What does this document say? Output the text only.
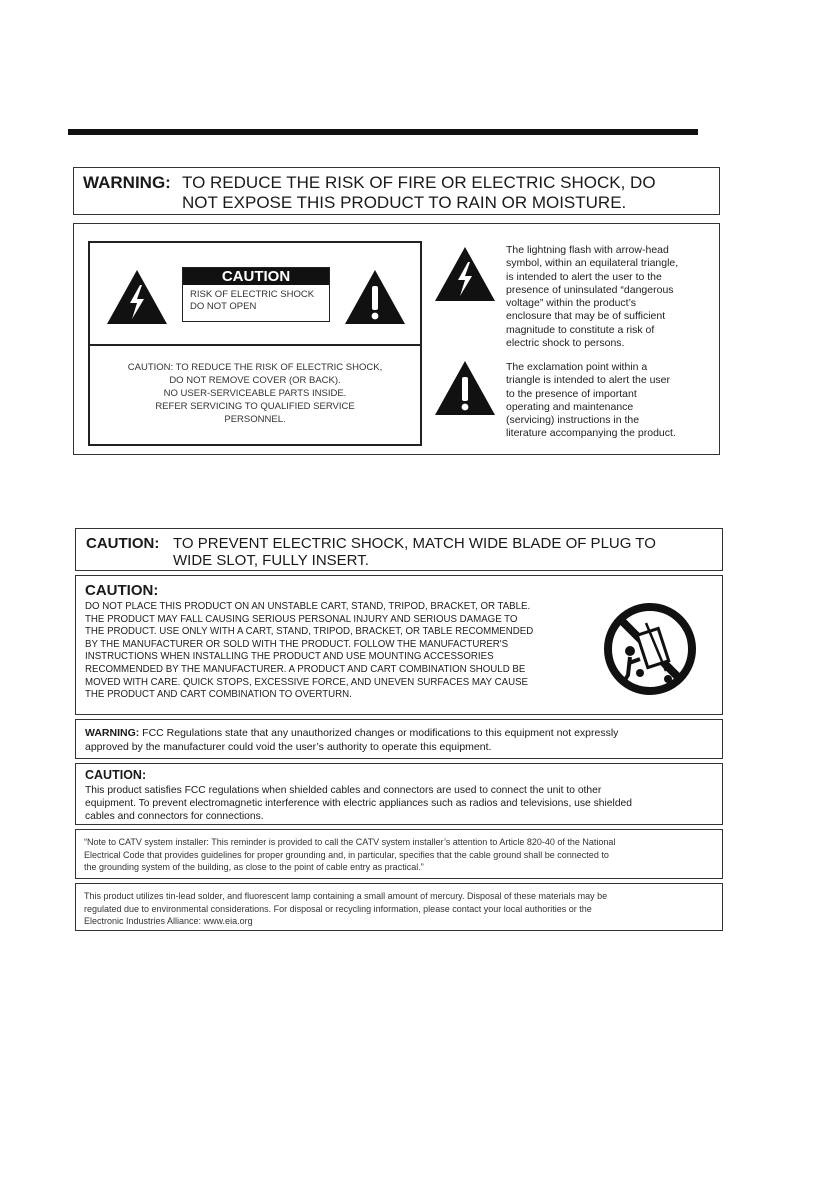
WARNING: TO REDUCE THE RISK OF FIRE OR ELECTRIC SHOCK, DO
NOT EXPOSE THIS PRODUCT TO RAIN OR MOISTURE.
CAUTION
RISK OF ELECTRIC SHOCK
DO NOT OPEN
CAUTION: TO REDUCE THE RISK OF ELECTRIC SHOCK,
DO NOT REMOVE COVER (OR BACK).
NO USER-SERVICEABLE PARTS INSIDE.
REFER SERVICING TO QUALIFIED SERVICE
PERSONNEL.
The lightning flash with arrow-head
symbol, within an equilateral triangle,
is intended to alert the user to the
presence of uninsulated “dangerous
voltage” within the product’s
enclosure that may be of sufficient
magnitude to constitute a risk of
electric shock to persons.
The exclamation point within a
triangle is intended to alert the user
to the presence of important
operating and maintenance
(servicing) instructions in the
literature accompanying the product.
CAUTION: TO PREVENT ELECTRIC SHOCK, MATCH WIDE BLADE OF PLUG TO
WIDE SLOT, FULLY INSERT.
CAUTION:
DO NOT PLACE THIS PRODUCT ON AN UNSTABLE CART, STAND, TRIPOD, BRACKET, OR TABLE.
THE PRODUCT MAY FALL CAUSING SERIOUS PERSONAL INJURY AND SERIOUS DAMAGE TO
THE PRODUCT. USE ONLY WITH A CART, STAND, TRIPOD, BRACKET, OR TABLE RECOMMENDED
BY THE MANUFACTURER OR SOLD WITH THE PRODUCT. FOLLOW THE MANUFACTURER'S
INSTRUCTIONS WHEN INSTALLING THE PRODUCT AND USE MOUNTING ACCESSORIES
RECOMMENDED BY THE MANUFACTURER. A PRODUCT AND CART COMBINATION SHOULD BE
MOVED WITH CARE. QUICK STOPS, EXCESSIVE FORCE, AND UNEVEN SURFACES MAY CAUSE
THE PRODUCT AND CART COMBINATION TO OVERTURN.
WARNING: FCC Regulations state that any unauthorized changes or modifications to this equipment not expressly
approved by the manufacturer could void the user’s authority to operate this equipment.
CAUTION:
This product satisfies FCC regulations when shielded cables and connectors are used to connect the unit to other
equipment. To prevent electromagnetic interference with electric appliances such as radios and televisions, use shielded
cables and connectors for connections.
“Note to CATV system installer: This reminder is provided to call the CATV system installer’s attention to Article 820-40 of the National
Electrical Code that provides guidelines for proper grounding and, in particular, specifies that the cable ground shall be connected to
the grounding system of the building, as close to the point of cable entry as practical.”
This product utilizes tin-lead solder, and fluorescent lamp containing a small amount of mercury. Disposal of these materials may be
regulated due to environmental considerations. For disposal or recycling information, please contact your local authorities or the
Electronic Industries Alliance: www.eia.org
